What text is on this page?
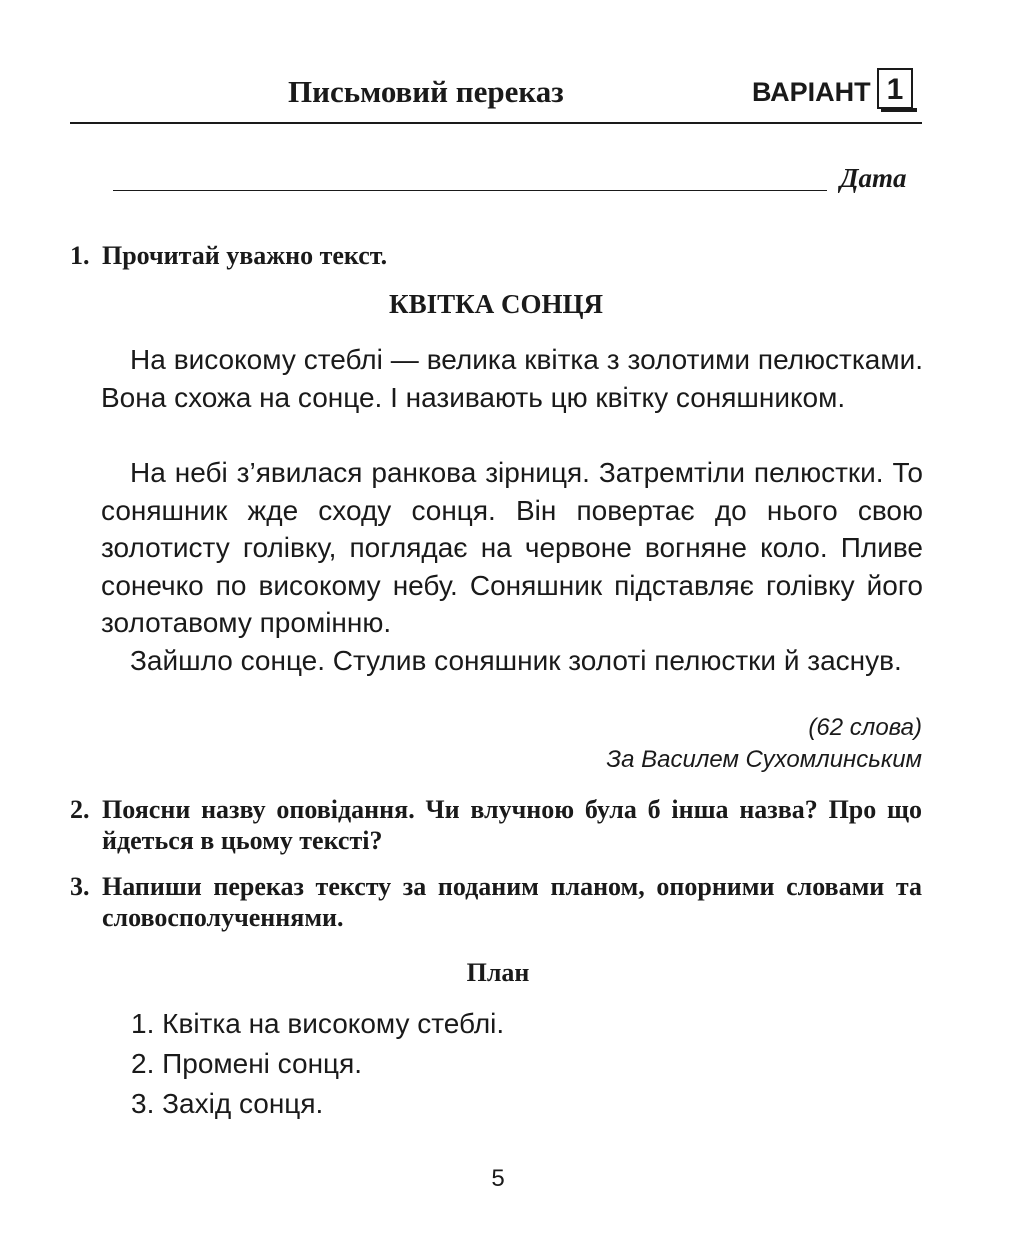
Письмовий переказ	ВАРІАНТ 1
Дата
1. Прочитай уважно текст.
КВІТКА СОНЦЯ
На високому стеблі — велика квітка з золотими пелюстками. Вона схожа на сонце. І називають цю квітку соняшником.
На небі з’явилася ранкова зірниця. Затремтіли пелюстки. То соняшник жде сходу сонця. Він повертає до нього свою золотисту голівку, поглядає на червоне вогняне коло. Пливе сонечко по високому небу. Соняшник підставляє голівку його золотавому промінню.
Зайшло сонце. Стулив соняшник золоті пелюстки й заснув.
(62 слова)
За Василем Сухомлинським
2. Поясни назву оповідання. Чи влучною була б інша назва? Про що йдеться в цьому тексті?
3. Напиши переказ тексту за поданим планом, опорними словами та словосполученнями.
План
1. Квітка на високому стеблі.
2. Промені сонця.
3. Захід сонця.
5
